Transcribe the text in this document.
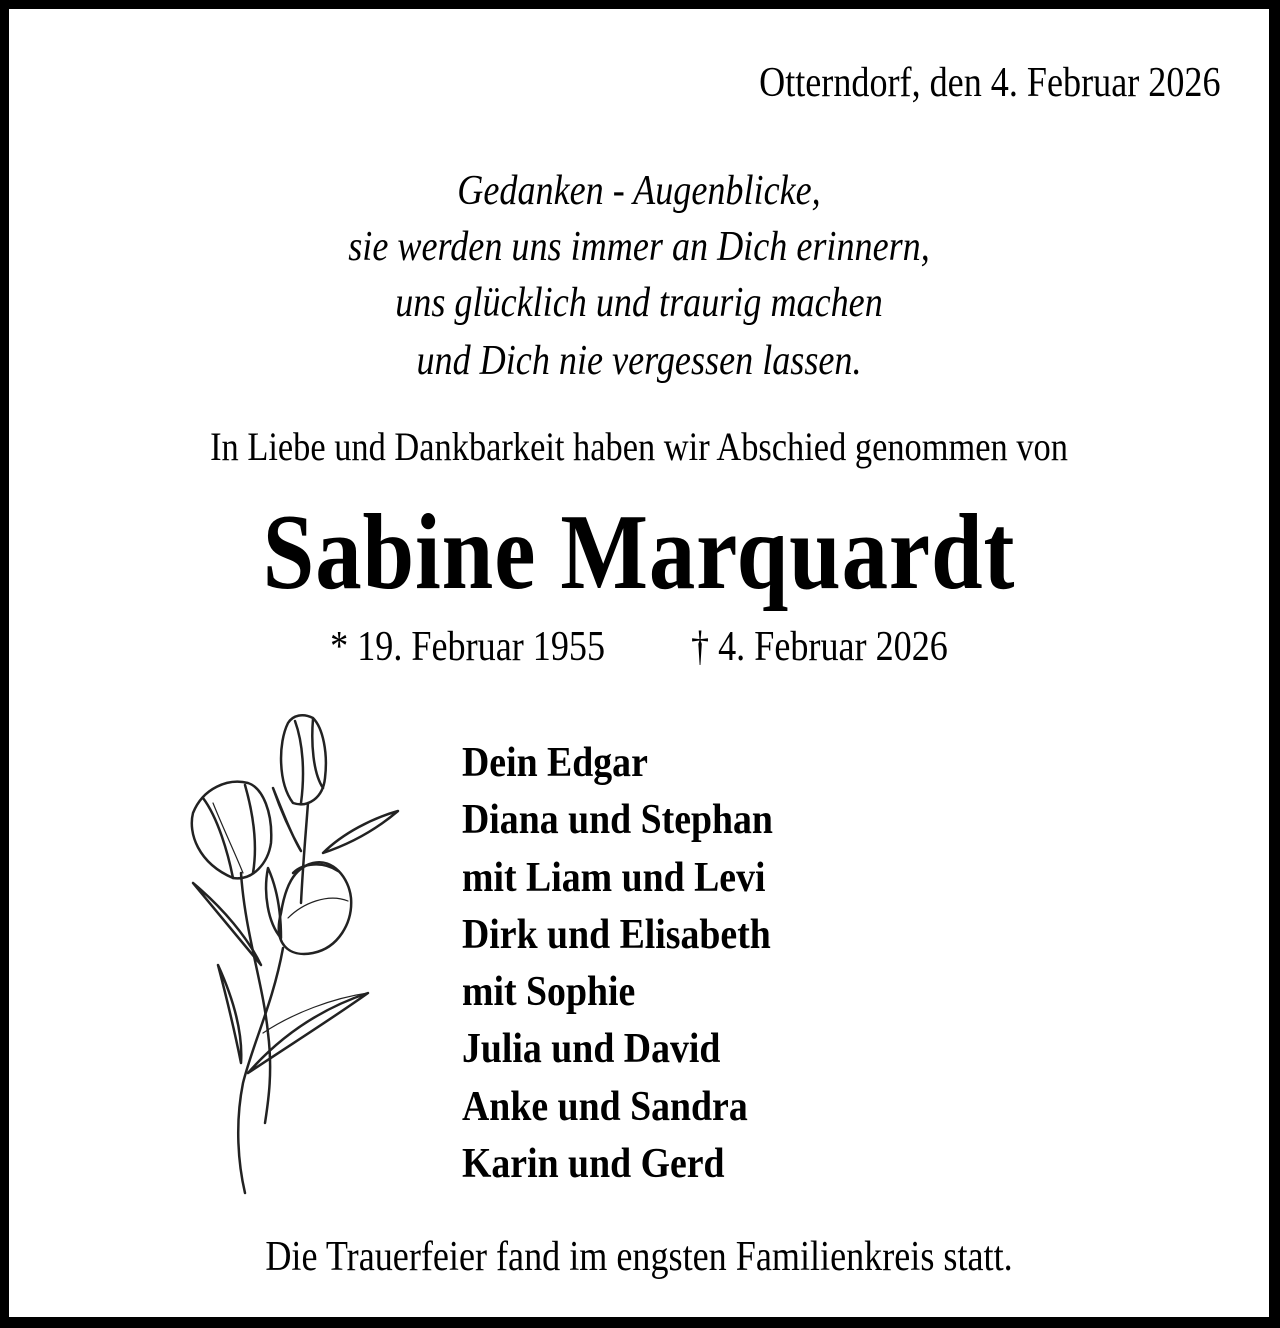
Otterndorf, den 4. Februar 2026
Gedanken - Augenblicke,
sie werden uns immer an Dich erinnern,
uns glücklich und traurig machen
und Dich nie vergessen lassen.
In Liebe und Dankbarkeit haben wir Abschied genommen von
Sabine Marquardt
* 19. Februar 1955 † 4. Februar 2026
Dein Edgar
Diana und Stephan
mit Liam und Levi
Dirk und Elisabeth
mit Sophie
Julia und David
Anke und Sandra
Karin und Gerd
Die Trauerfeier fand im engsten Familienkreis statt.
